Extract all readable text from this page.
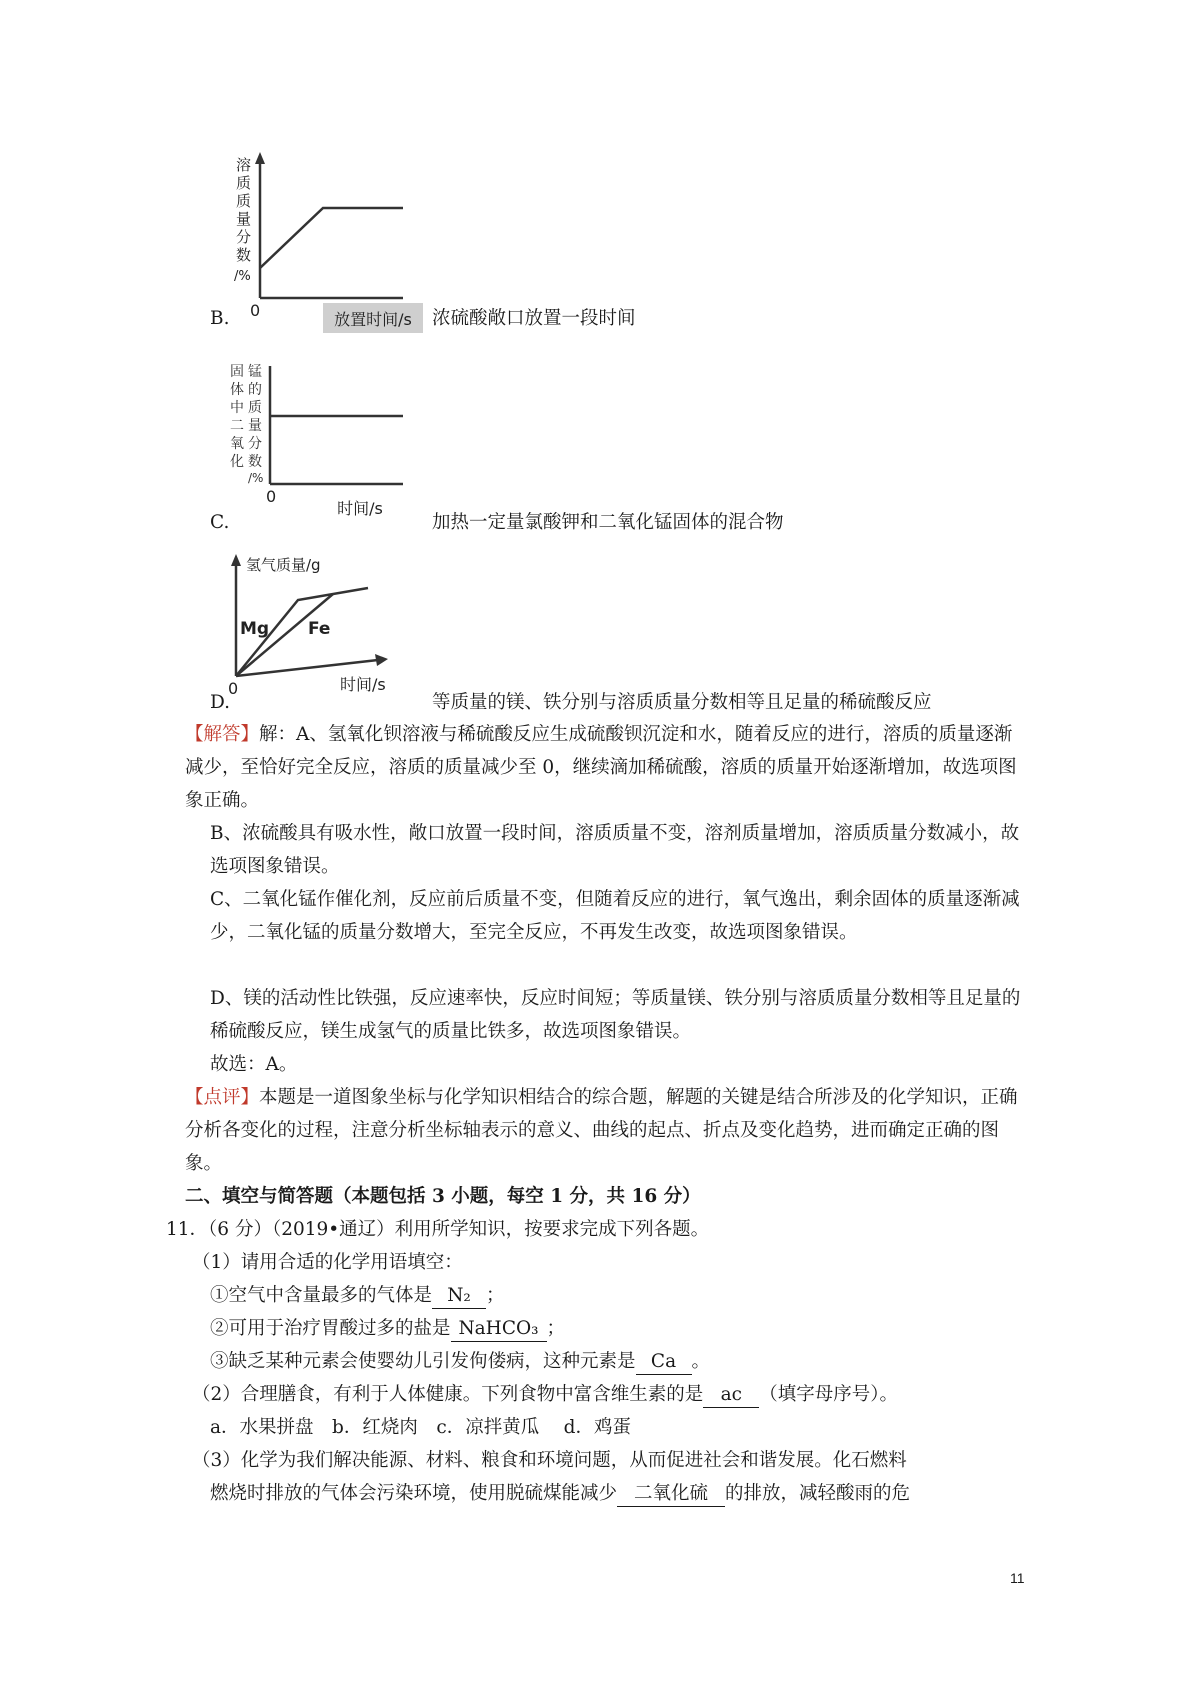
放置时间/s
0
溶
质
质
量
分
数
/%
B.	浓硫酸敞口放置一段时间
时间/s
0
固
体
中
二
氧
化
锰
的
质
量
分
数
/%
C.	加热一定量氯酸钾和二氧化锰固体的混合物
氢气质量/g
Mg Fe
时间/s
0
D.	等质量的镁、铁分别与溶质质量分数相等且足量的稀硫酸反应
【解答】解：A、氢氧化钡溶液与稀硫酸反应生成硫酸钡沉淀和水，随着反应的进行，溶质的质量逐渐减少，至恰好完全反应，溶质的质量减少至 0，继续滴加稀硫酸，溶质的质量开始逐渐增加，故选项图象正确。
B、浓硫酸具有吸水性，敞口放置一段时间，溶质质量不变，溶剂质量增加，溶质质量分数减小，故选项图象错误。
C、二氧化锰作催化剂，反应前后质量不变，但随着反应的进行，氧气逸出，剩余固体的质量逐渐减少，二氧化锰的质量分数增大，至完全反应，不再发生改变，故选项图象错误。
D、镁的活动性比铁强，反应速率快，反应时间短；等质量镁、铁分别与溶质质量分数相等且足量的稀硫酸反应，镁生成氢气的质量比铁多，故选项图象错误。
故选：A。
【点评】本题是一道图象坐标与化学知识相结合的综合题，解题的关键是结合所涉及的化学知识，正确分析各变化的过程，注意分析坐标轴表示的意义、曲线的起点、折点及变化趋势，进而确定正确的图象。
二、填空与简答题（本题包括 3 小题，每空 1 分，共 16 分）
11．（6 分）（2019•通辽）利用所学知识，按要求完成下列各题。
（1）请用合适的化学用语填空：
①空气中含量最多的气体是 N₂ ；
②可用于治疗胃酸过多的盐是 NaHCO₃ ；
③缺乏某种元素会使婴幼儿引发佝偻病，这种元素是 Ca 。
（2）合理膳食，有利于人体健康。下列食物中富含维生素的是 ac （填字母序号）。
a．水果拼盘　b．红烧肉　c．凉拌黄瓜　 d．鸡蛋
（3）化学为我们解决能源、材料、粮食和环境问题，从而促进社会和谐发展。化石燃料
燃烧时排放的气体会污染环境，使用脱硫煤能减少 二氧化硫 的排放，减轻酸雨的危
11
